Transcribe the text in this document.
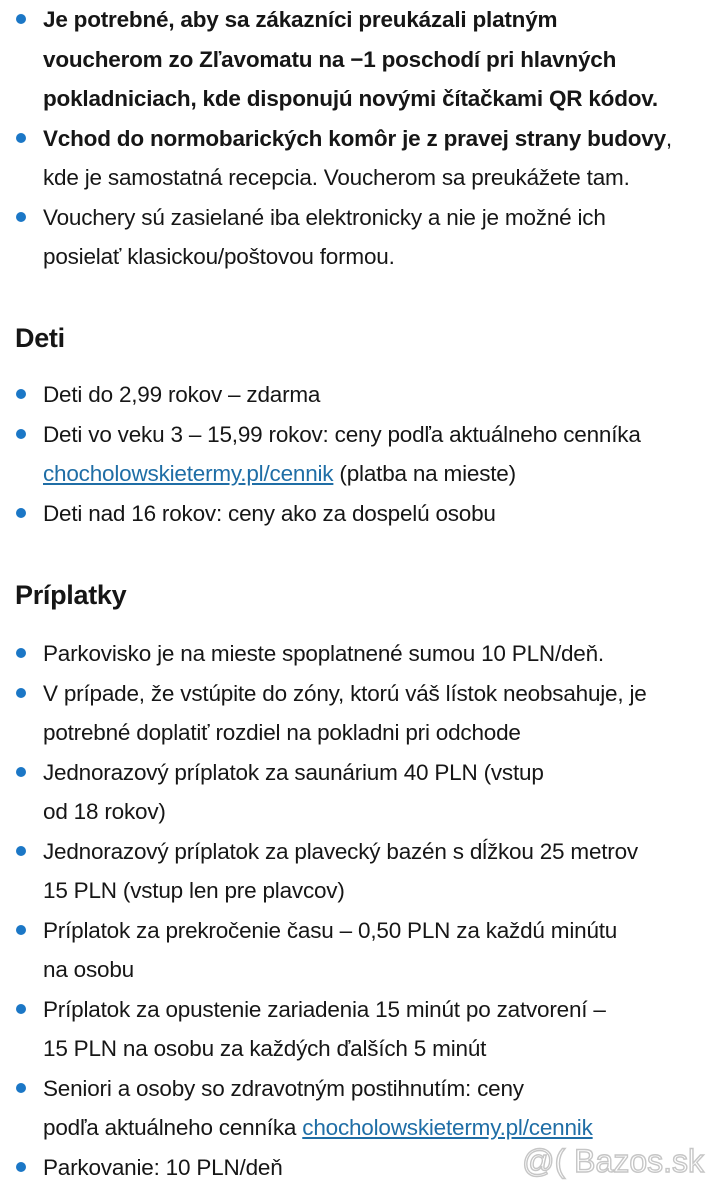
Je potrebné, aby sa zákazníci preukázali platným
voucherom zo Zľavomatu na −1 poschodí pri hlavných
pokladniciach, kde disponujú novými čítačkami QR kódov.
Vchod do normobarických komôr je z pravej strany budovy,
kde je samostatná recepcia. Voucherom sa preukážete tam.
Vouchery sú zasielané iba elektronicky a nie je možné ich
posielať klasickou/poštovou formou.
Deti
Deti do 2,99 rokov – zdarma
Deti vo veku 3 – 15,99 rokov: ceny podľa aktuálneho cenníka
chocholowskietermy.pl/cennik (platba na mieste)
Deti nad 16 rokov: ceny ako za dospelú osobu
Príplatky
Parkovisko je na mieste spoplatnené sumou 10 PLN/deň.
V prípade, že vstúpite do zóny, ktorú váš lístok neobsahuje, je
potrebné doplatiť rozdiel na pokladni pri odchode
Jednorazový príplatok za saunárium 40 PLN (vstup
od 18 rokov)
Jednorazový príplatok za plavecký bazén s dĺžkou 25 metrov
15 PLN (vstup len pre plavcov)
Príplatok za prekročenie času – 0,50 PLN za každú minútu
na osobu
Príplatok za opustenie zariadenia 15 minút po zatvorení –
15 PLN na osobu za každých ďalších 5 minút
Seniori a osoby so zdravotným postihnutím: ceny
podľa aktuálneho cenníka chocholowskietermy.pl/cennik
Parkovanie: 10 PLN/deň	@( Bazos.sk
